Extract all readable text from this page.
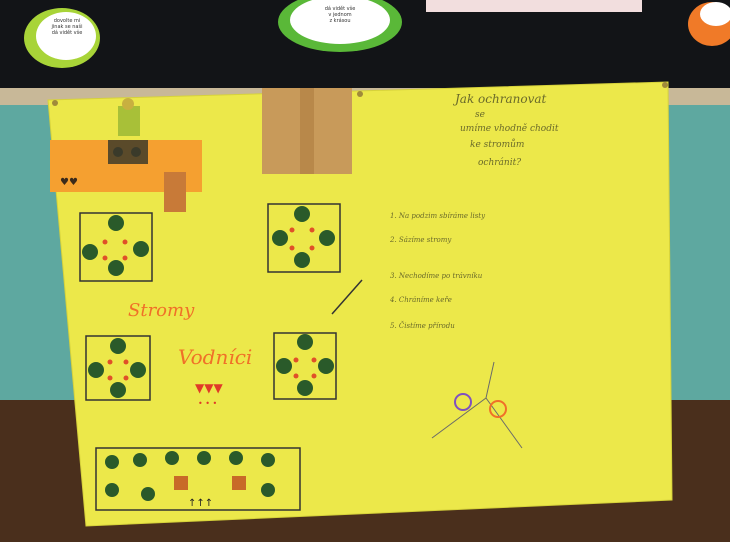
♥♥
▼▼▼
• • •
↑↑↑
dovolte mi
jinak se naši
dá vidět vše
dá vidět vše
v jednom
z krásou
Jak ochranovat
se
umíme vhodně chodit
ke stromům
ochránit?
Stromy
Vodníci
1. Na podzim sbíráme listy
2. Sázíme stromy
3. Nechodíme po trávníku
4. Chráníme keře
5. Čistíme přírodu
